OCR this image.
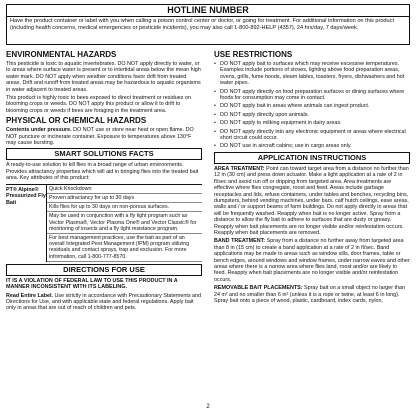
HOTLINE NUMBER
Have the product container or label with you when calling a poison control center or doctor, or going for treatment. For additional information on this product (including health concerns, medical emergencies or pesticide incidents), you may also call 1-800-892-HELP (4357), 24 hrs/day, 7 days/week.
ENVIRONMENTAL HAZARDS

This pesticide is toxic to aquatic invertebrates. DO NOT apply directly to water, or to areas where surface water is present or to intertidal areas below the mean high water mark. DO NOT apply when weather conditions favor drift from treated areas. Drift and runoff from treated areas may be hazardous to aquatic organisms in water adjacent to treated areas.

This product is highly toxic to bees exposed to direct treatment or residues on blooming crops or weeds. DO NOT apply this product or allow it to drift to blooming crops or weeds if bees are foraging in the treatment area.

PHYSICAL OR CHEMICAL HAZARDS

Contents under pressure. DO NOT use or store near heat or open flame. DO NOT puncture or incinerate container. Exposure to temperatures above 130°F may cause bursting.

SMART SOLUTIONS FACTS

A ready-to-use solution to kill flies in a broad range of urban environments. Provides attractancy properties which will aid in bringing flies into the treated bait area. Key attributes of this product:

PT® Alpine® Pressurized Fly Bait
Quick Knockdown
Proven attractancy for up to 30 days
Kills flies for up to 30 days on non-porous surfaces.
May be used in conjunction with a fly light program such as Vector Plasma®, Vector Plasma One® and Vector Classic® for monitoring of insects and a fly light resistance program.
For best management practices, use the bait as part of an overall Integrated Pest Management (IPM) program utilizing residuals and contact sprays, trap and exclusion. For more information, call 1-800-777-8570.
DIRECTIONS FOR USE

IT IS A VIOLATION OF FEDERAL LAW TO USE THIS PRODUCT IN A MANNER INCONSISTENT WITH ITS LABELING.

Read Entire Label. Use strictly in accordance with Precautionary Statements and Directions for Use, and with applicable state and federal regulations. Apply bait only in areas that are out of reach of children and pets.

USE RESTRICTIONS
• DO NOT apply bait to surfaces which may receive excessive temperatures. Examples include portions of stoves, lighting above food preparation areas, ovens, grills, fume hoods, steam tables, toasters, fryers, dishwashers and hot water pipes.
• DO NOT apply directly on food preparation surfaces or dining surfaces where foods for consumption may come in contact.
• DO NOT apply bait in areas where animals can ingest product.
• DO NOT apply directly upon animals.
• DO NOT apply to milking equipment in dairy areas.
• DO NOT apply directly into any electronic equipment or areas where electrical short circuit could occur.
• DO NOT use in aircraft cabins; use in cargo areas only.
APPLICATION INSTRUCTIONS

AREA TREATMENT: Point can toward target area from a distance no further than 12 in (30 cm) and press down actuator. Make a light application at a rate of 2 in fl/sec and avoid run off or dripping from targeted area. Area treatments are effective where flies congregate, roost and feed. Areas include garbage receptacles and lids, refuse containers, under tables and benches, recycling bins, dumpsters, behind vending machines, under bars, calf hutch ceilings, eave areas, walls and / or support beams of farm buildings. Do not apply directly in areas that will be frequently washed. Reapply when bait is no longer active. Spray from a distance to allow the fly bait to adhere to surfaces that are dusty or greasy. Reapply when bait placements are no longer visible and/or reinfestation occurs. Reapply when bait placements are removed.

BAND TREATMENT: Spray from a distance no further away from targeted area than 8 in (15 cm) to create a band application at a rate of 2 in fl/sec. Band applications may be made to areas such as window sills, door frames, table or bench edges, around windows and window frames, under narrow eaves and other areas where there is a narrow area where flies land, roost and/or are likely to feed. Reapply when bait placements are no longer visible and/or reinfestation occurs.

REMOVABLE BAIT PLACEMENTS: Spray bait on a small object no larger than 24 in² and no smaller than 6 in² (unless it is a rope or twine, at least 6 in long). Spray bait onto a piece of wood, plastic, cardboard, index cards, nylon,

2
